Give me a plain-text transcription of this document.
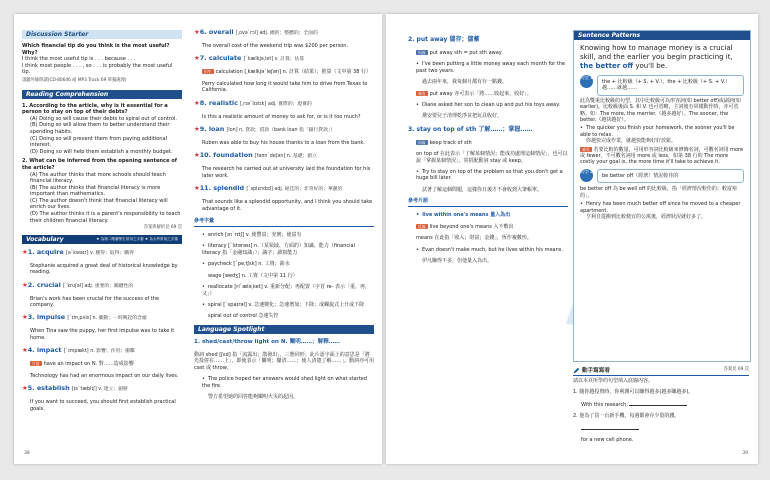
Discussion Starter

Which financial tip do you think is the most useful? Why?

I think the most useful tip is . . . because . . .

I think most people . . . , so . . . is probably the most useful tip.

請聽外師朗讀(CD·80646 或 MP3 Track 69 單獨處理)

Reading Comprehension

1. According to the article, why is it essential for a person to stay on top of their debts?

(A) Doing so will cause their debts to spiral out of control.

(B) Doing so will allow them to better understand their spending habits.

(C) Doing so will prevent them from paying additional interest.

(D) Doing so will help them establish a monthly budget.

2. What can be inferred from the opening sentence of the article?

(A) The author thinks that more schools should teach financial literacy.

(B) The author thinks that financial literacy is more important than mathematics.

(C) The author doesn't think that financial literacy will enrich our lives.

(D) The author thinks it is a parent's responsibility to teach their children financial literacy.

答案與解析見 69 頁

Vocabulary	★ 為第二階層學生常用之字彙 ★ 為大考常用之字彙
★1. acquire [əˋkwaɪr] v. 獲得；取得；購得

Stephanie acquired a great deal of historical knowledge by reading.

★2. crucial [ˋkruʃəl] adj. 重要的；關鍵性的

Brian's work has been crucial for the success of the company.

★3. impulse [ˋɪmˌpʌls] n. 衝動；一時興起的念頭

When Tina saw the puppy, her first impulse was to take it home.

★4. impact [ˋɪmpækt] n. 影響；作用；衝擊

片語 have an impact on N. 對……造成影響

Technology has had an enormous impact on our daily lives.

★5. establish [ɪsˋtæblɪʃ] v. 建立；創辦

If you want to succeed, you should first establish practical goals.

★6. overall [ˌovəˋrɔl] adj. 總的；整體的；全面的

The overall cost of the weekend trip was $200 per person.

★7. calculate [ˋkælkjəˌlet] v. 計算；估算

衍生 calculation [ˌkælkjəˋleʃən] n. 計算（結果）；推算（文中第 38 行）

Perry calculated how long it would take him to drive from Texas to California.

★8. realistic [ˌrɪəˋlɪstɪk] adj. 實際的；現實的

Is this a realistic amount of money to ask for, or is it too much?

★9. loan [lon] n. 貸款；借款（bank loan 指「銀行貸款」）

Ruben was able to buy his house thanks to a loan from the bank.

★10. foundation [faʊnˋdeʃən] n. 基礎；創立

The research he carried out at university laid the foundation for his later work.

★11. splendid [ˋsplɛndɪd] adj. 絕佳的；非常好的；華麗的

That sounds like a splendid opportunity, and I think you should take advantage of it.

參考字彙

• enrich [ɪnˋrɪtʃ] v. 使豐富；充實；使富有

• literacy [ˋlɪtərəsɪ] n.（某領域、方面的）知識、能力（financial literacy 指「金融知識」）；識字；讀寫能力

• paycheck [ˋpeˌtʃɛk] n. 工資；薪水

wage [wedʒ] n. 工資（文中第 11 行）

• reallocate [riˋæləˌket] v. 重新分配；再配置（字首 re- 表示「重，再，又」）

• spiral [ˋspaɪrəl] v. 急速變化；急速增加；下降；成螺旋式上升或下降

spiral out of control 急速失控

Language Spotlight

1. shed/cast/throw light on N. 闡明……；解釋……

動詞 shed [ʃɛd] 指「流露出；散發出」，三態同形；此片語字面上的意思是「將光投射在……上」，即使表示「闡明；釐清……；使人清楚了解……」。動詞亦可用 cast 或 throw。

• The police hoped her answers would shed light on what started the fire.

警方希望她的回答能夠闡明火災的起因。

38

2. put away 儲存；儲蓄

同義 put away sth = put sth away

• I've been putting a little money away each month for the past two years.

過去兩年來，我每個月都有存一點錢。

補充 put away 亦可表示「將……收起來，收好」。

• Diane asked her son to clean up and put his toys away.

黛安要兒子清理乾淨並把玩具收好。

3. stay on top of sth 了解……；掌握……

同義 keep track of sth

on top of 在此表示「了解某個情況；能成功處理這個情況」，也可以說「掌握某個情況」。常搭配動詞 stay 或 keep。

• Try to stay on top of the problem so that you don't get a huge bill later.

試著了解這個問題，這樣你日後才不會收到大筆帳單。

參考片語

• live within one's means 量入為出

反義 live beyond one's means 入不敷出

means 在此指「收入；財富；金錢」，恆作複數形。

• Evan doesn't make much, but he lives within his means.

伊凡賺得不多，但他量入為出。

Sentence Patterns

Knowing how to manage money is a crucial skill, and the earlier you begin practicing it, the better off you'll be.

句型 1
the + 比較級（+ S. + V.），the + 比較級（+ S. + V.） 越……就越……

此為雙重比較級的句型，其中比較級可為形容詞(如 better off)或副詞(如 earlier)。比較級後面 S. 和 V. 也可省略。主詞後有同樣動作時，亦可省略。如：The more, the merrier.（越多越好）。The sooner, the better.（越快越好）。

• The quicker you finish your homework, the sooner you'll be able to relax.

你越快完成作業，就越快能夠好好放鬆。

補充 若要比較的數量，可用形容詞比較級來修飾名詞，可數名詞用 more 或 fewer，不可數名詞用 more 或 less，如第 38 行的 The more costly your goal is, the more time it'll take to achieve it.

句型 2
be better off（經濟）情況較佳的

be better off 為 be well off 的比較級，指「經濟情況較佳的；較富裕的」。

• Henry has been much better off since he moved to a cheaper apartment.

亨利自從搬到比較便宜的公寓後，經濟狀況就好多了。

動手寫寫看	答案見 69 頁

請以本頁所學的句型填入底線內容。

1. 隨你越投資時，你利潤可以賺得越多(越多賺越多)。

With this research,

2. 他為了買一台新手機，每週都會存少量的錢。

for a new cell phone.

39
